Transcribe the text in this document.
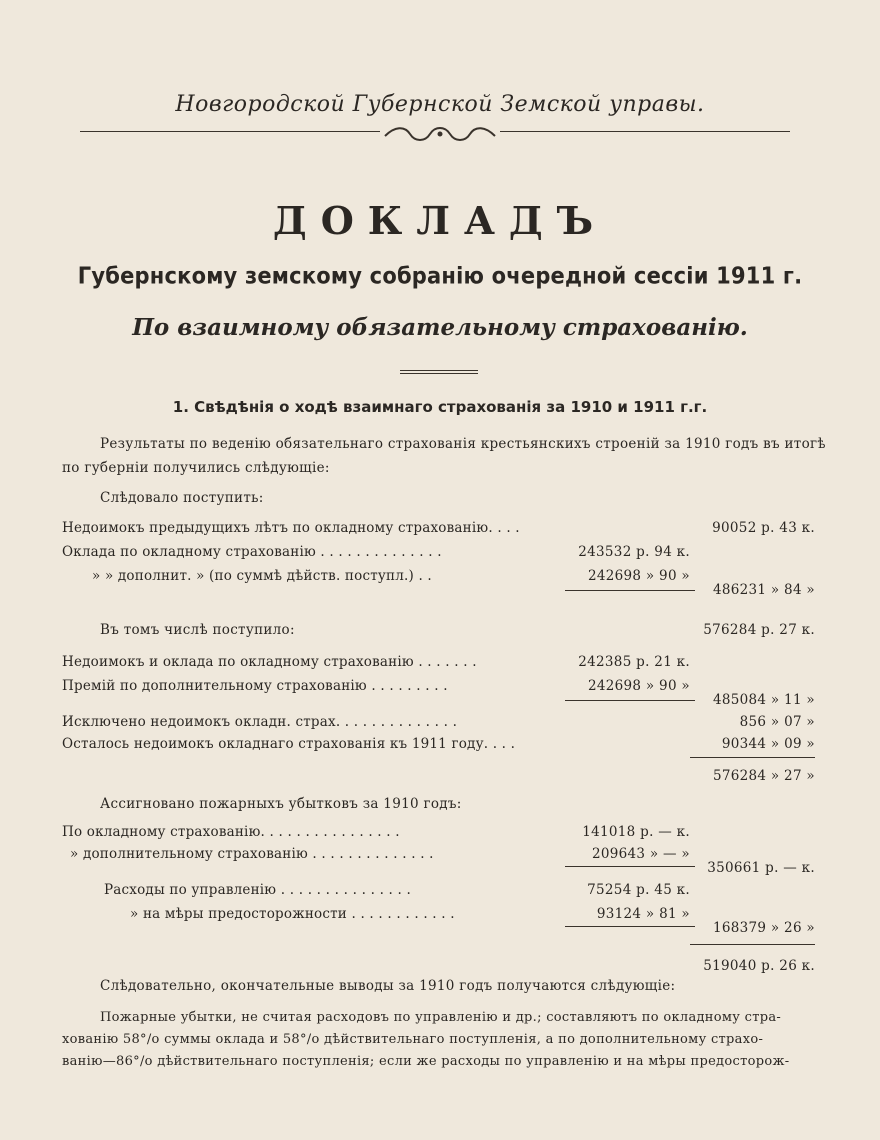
Новгородской Губернской Земской управы.
ДОКЛАДЪ
Губернскому земскому собранію очередной сессіи 1911 г.
По взаимному обязательному страхованію.
1. Свѣдѣнія о ходѣ взаимнаго страхованія за 1910 и 1911 г.г.
Результаты по веденію обязательнаго страхованія крестьянскихъ строеній за 1910 годъ въ итогѣ
по губерніи получились слѣдующіе:
Слѣдовало поступить:
Недоимокъ предыдущихъ лѣтъ по окладному страхованію. . . .	90052 р. 43 к.
Оклада по окладному страхованію . . . . . . . . . . . . . .	243532 р. 94 к.
» » дополнит. » (по суммѣ дѣйств. поступл.) . .	242698 » 90 »
486231 » 84 »
Въ томъ числѣ поступило:	576284 р. 27 к.
Недоимокъ и оклада по окладному страхованію . . . . . . .	242385 р. 21 к.
Премій по дополнительному страхованію . . . . . . . . .	242698 » 90 »
485084 » 11 »
Исключено недоимокъ окладн. страх. . . . . . . . . . . . . .	856 » 07 »
Осталось недоимокъ окладнаго страхованія къ 1911 году. . . .	90344 » 09 »
576284 » 27 »
Ассигновано пожарныхъ убытковъ за 1910 годъ:
По окладному страхованію. . . . . . . . . . . . . . . .	141018 р. — к.
» дополнительному страхованію . . . . . . . . . . . . . .	209643 » — »
350661 р. — к.
Расходы по управленію . . . . . . . . . . . . . . .	75254 р. 45 к.
» на мѣры предосторожности . . . . . . . . . . . .	93124 » 81 »
168379 » 26 »
519040 р. 26 к.
Слѣдовательно, окончательные выводы за 1910 годъ получаются слѣдующіе:
Пожарные убытки, не считая расходовъ по управленію и др.; составляютъ по окладному стра-
хованію 58°/о суммы оклада и 58°/о дѣйствительнаго поступленія, а по дополнительному страхо-
ванію—86°/о дѣйствительнаго поступленія; если же расходы по управленію и на мѣры предосторож-
